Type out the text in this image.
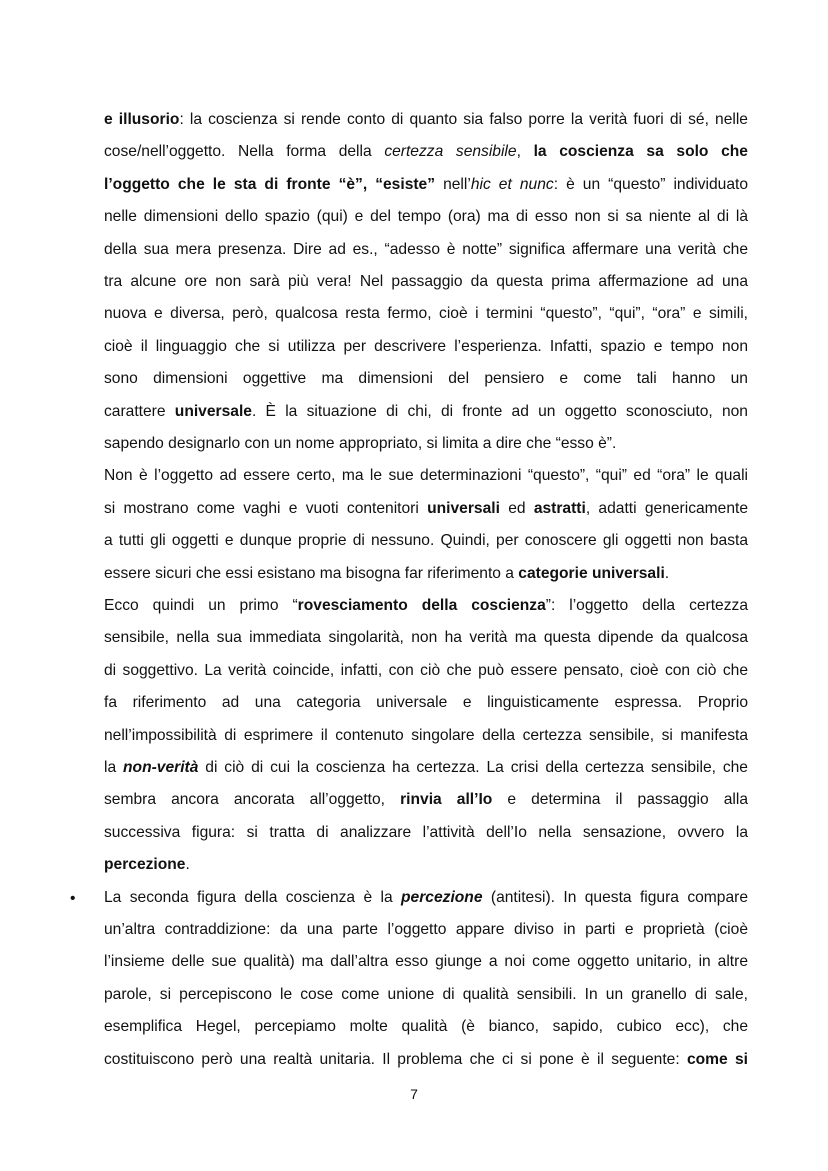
e illusorio: la coscienza si rende conto di quanto sia falso porre la verità fuori di sé, nelle
cose/nell’oggetto. Nella forma della certezza sensibile, la coscienza sa solo che
l’oggetto che le sta di fronte “è”, “esiste” nell’hic et nunc: è un “questo” individuato
nelle dimensioni dello spazio (qui) e del tempo (ora) ma di esso non si sa niente al di là
della sua mera presenza. Dire ad es., “adesso è notte” significa affermare una verità che
tra alcune ore non sarà più vera! Nel passaggio da questa prima affermazione ad una
nuova e diversa, però, qualcosa resta fermo, cioè i termini “questo”, “qui”, “ora” e simili,
cioè il linguaggio che si utilizza per descrivere l’esperienza. Infatti, spazio e tempo non
sono dimensioni oggettive ma dimensioni del pensiero e come tali hanno un
carattere universale. È la situazione di chi, di fronte ad un oggetto sconosciuto, non
sapendo designarlo con un nome appropriato, si limita a dire che “esso è”.
Non è l’oggetto ad essere certo, ma le sue determinazioni “questo”, “qui” ed “ora” le quali
si mostrano come vaghi e vuoti contenitori universali ed astratti, adatti genericamente
a tutti gli oggetti e dunque proprie di nessuno. Quindi, per conoscere gli oggetti non basta
essere sicuri che essi esistano ma bisogna far riferimento a categorie universali.
Ecco quindi un primo “rovesciamento della coscienza”: l’oggetto della certezza
sensibile, nella sua immediata singolarità, non ha verità ma questa dipende da qualcosa
di soggettivo. La verità coincide, infatti, con ciò che può essere pensato, cioè con ciò che
fa riferimento ad una categoria universale e linguisticamente espressa. Proprio
nell’impossibilità di esprimere il contenuto singolare della certezza sensibile, si manifesta
la non-verità di ciò di cui la coscienza ha certezza. La crisi della certezza sensibile, che
sembra ancora ancorata all’oggetto, rinvia all’Io e determina il passaggio alla
successiva figura: si tratta di analizzare l’attività dell’Io nella sensazione, ovvero la
percezione.
La seconda figura della coscienza è la percezione (antitesi). In questa figura compare
un’altra contraddizione: da una parte l’oggetto appare diviso in parti e proprietà (cioè
l’insieme delle sue qualità) ma dall’altra esso giunge a noi come oggetto unitario, in altre
parole, si percepiscono le cose come unione di qualità sensibili. In un granello di sale,
esemplifica Hegel, percepiamo molte qualità (è bianco, sapido, cubico ecc), che
costituiscono però una realtà unitaria. Il problema che ci si pone è il seguente: come si
•
7
